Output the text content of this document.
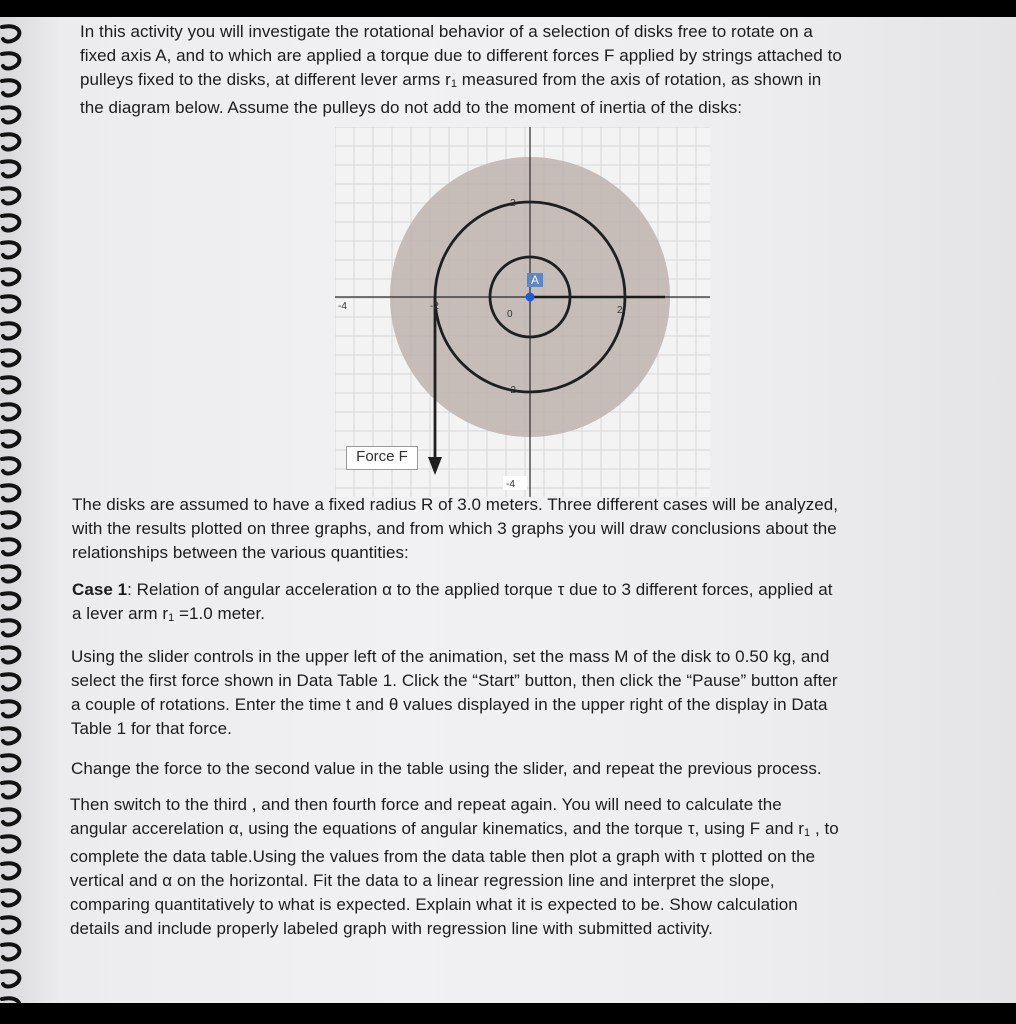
In this activity you will investigate the rotational behavior of a selection of disks free to rotate on a
fixed axis A, and to which are applied a torque due to different forces F applied by strings attached to
pulleys fixed to the disks, at different lever arms r1 measured from the axis of rotation, as shown in
the diagram below. Assume the pulleys do not add to the moment of inertia of the disks:
A
-4	-2
0	2
2
-2
-4
Force F
The disks are assumed to have a fixed radius R of 3.0 meters. Three different cases will be analyzed,
with the results plotted on three graphs, and from which 3 graphs you will draw conclusions about the
relationships between the various quantities:
Case 1: Relation of angular acceleration α to the applied torque τ due to 3 different forces, applied at
a lever arm r1 =1.0 meter.
Using the slider controls in the upper left of the animation, set the mass M of the disk to 0.50 kg, and
select the first force shown in Data Table 1. Click the “Start” button, then click the “Pause” button after
a couple of rotations. Enter the time t and θ values displayed in the upper right of the display in Data
Table 1 for that force.
Change the force to the second value in the table using the slider, and repeat the previous process.
Then switch to the third , and then fourth force and repeat again. You will need to calculate the
angular accerelation α, using the equations of angular kinematics, and the torque τ, using F and r1 , to
complete the data table.Using the values from the data table then plot a graph with τ plotted on the
vertical and α on the horizontal. Fit the data to a linear regression line and interpret the slope,
comparing quantitatively to what is expected. Explain what it is expected to be. Show calculation
details and include properly labeled graph with regression line with submitted activity.
